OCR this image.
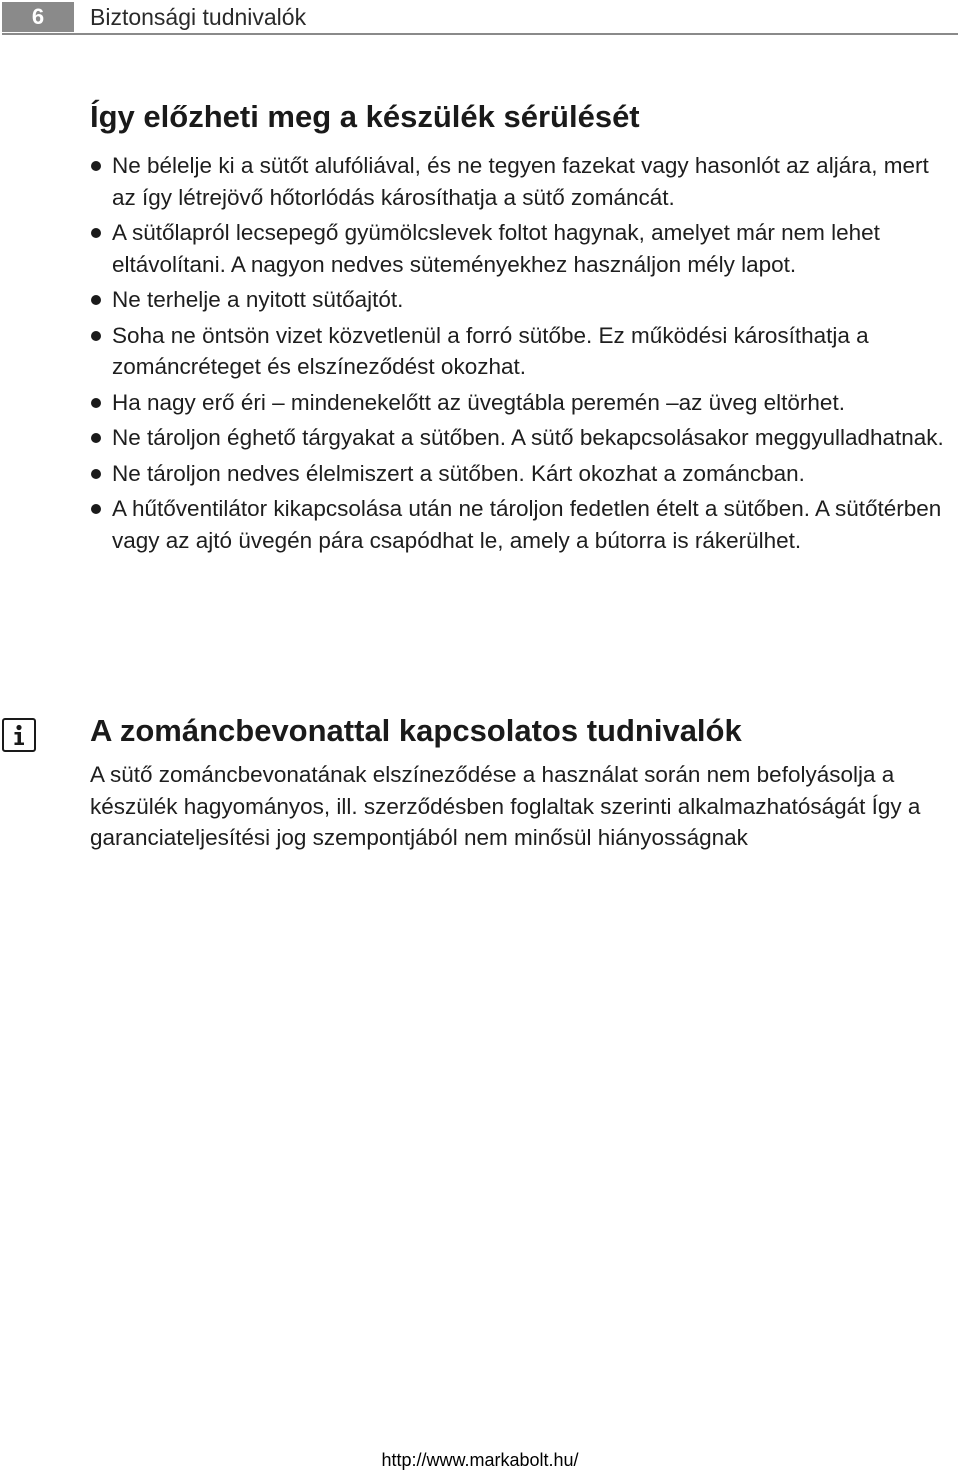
6	Biztonsági tudnivalók
Így előzheti meg a készülék sérülését
Ne bélelje ki a sütőt alufóliával, és ne tegyen fazekat vagy hasonlót az aljára, mert az így létrejövő hőtorlódás károsíthatja a sütő zománcát.
A sütőlapról lecsepegő gyümölcslevek foltot hagynak, amelyet már nem lehet eltávolítani. A nagyon nedves süteményekhez használjon mély lapot.
Ne terhelje a nyitott sütőajtót.
Soha ne öntsön vizet közvetlenül a forró sütőbe. Ez működési károsíthatja a zománcréteget és elszíneződést okozhat.
Ha nagy erő éri – mindenekelőtt az üvegtábla peremén –az üveg eltörhet.
Ne tároljon éghető tárgyakat a sütőben. A sütő bekapcsolásakor meggyulladhatnak.
Ne tároljon nedves élelmiszert a sütőben. Kárt okozhat a zománcban.
A hűtőventilátor kikapcsolása után ne tároljon fedetlen ételt a sütőben. A sütőtérben vagy az ajtó üvegén pára csapódhat le, amely a bútorra is rákerülhet.
A zománcbevonattal kapcsolatos tudnivalók

A sütő zománcbevonatának elszíneződése a használat során nem befolyásolja a készülék hagyományos, ill. szerződésben foglaltak szerinti alkalmazhatóságát Így a garanciateljesítési jog szempontjából nem minősül hiányosságnak

http://www.markabolt.hu/
